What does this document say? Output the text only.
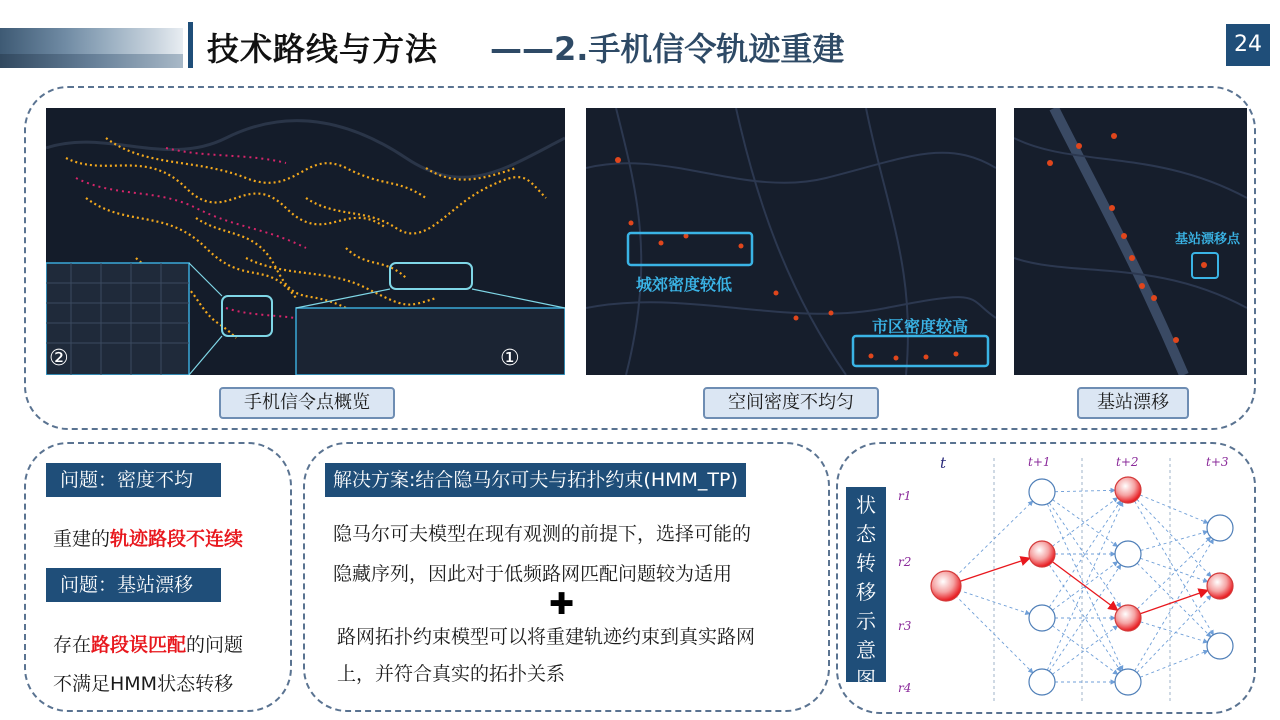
技术路线与方法 ——2.手机信令轨迹重建	24
②	①
手机信令点概览
城郊密度较低
市区密度较高
空间密度不均匀
基站漂移点
基站漂移
问题：密度不均
重建的轨迹路段不连续
问题：基站漂移
存在路段误匹配的问题
不满足HMM状态转移
解决方案:结合隐马尔可夫与拓扑约束(HMM_TP)
隐马尔可夫模型在现有观测的前提下，选择可能的
隐藏序列，因此对于低频路网匹配问题较为适用
✚
路网拓扑约束模型可以将重建轨迹约束到真实路网
上，并符合真实的拓扑关系
状
态
转
移
示
意
图
t	t+1	t+2	t+3
r1
r2
r3
r4
